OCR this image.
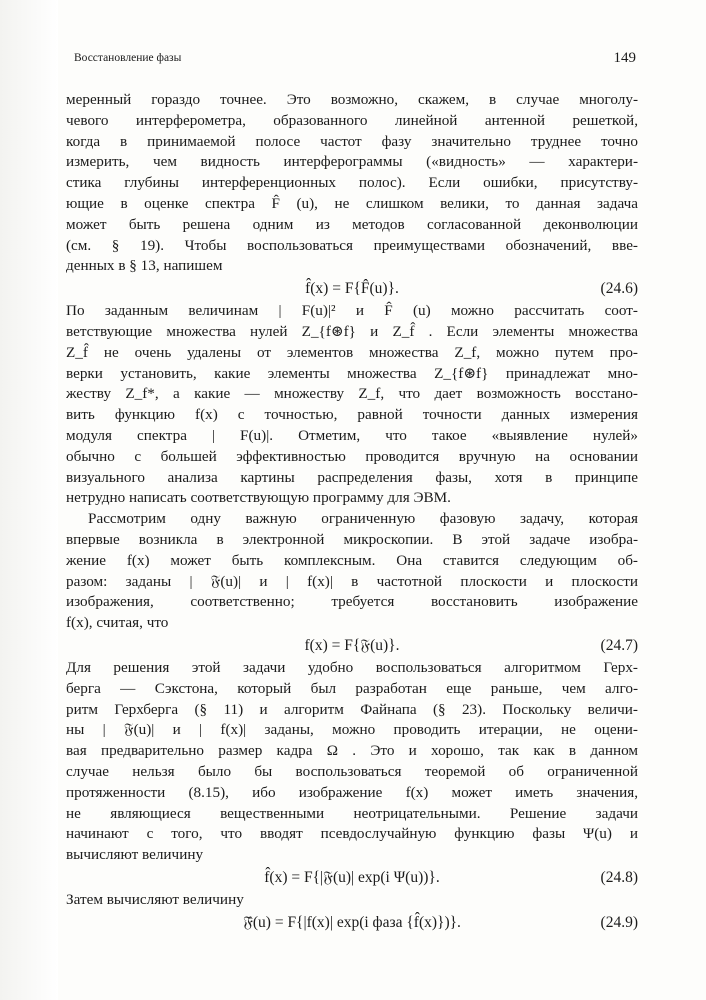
Восстановление фазы	149
меренный гораздо точнее. Это возможно, скажем, в случае многолу-
чевого интерферометра, образованного линейной антенной решеткой,
когда в принимаемой полосе частот фазу значительно труднее точно
измерить, чем видность интерферограммы («видность» — характери-
стика глубины интерференционных полос). Если ошибки, присутству-
ющие в оценке спектра F̂ (u), не слишком велики, то данная задача
может быть решена одним из методов согласованной деконволюции
(см. § 19). Чтобы воспользоваться преимуществами обозначений, вве-
денных в § 13, напишем
f̂(x) = F{F̂(u)}.	(24.6)
По заданным величинам | F(u)|² и F̂ (u) можно рассчитать соот-
ветствующие множества нулей Z_{f⊛f} и Z_f̂ . Если элементы множества
Z_f̂ не очень удалены от элементов множества Z_f, можно путем про-
верки установить, какие элементы множества Z_{f⊛f} принадлежат мно-
жеству Z_f*, а какие — множеству Z_f, что дает возможность восстано-
вить функцию f(x) с точностью, равной точности данных измерения
модуля спектра | F(u)|. Отметим, что такое «выявление нулей»
обычно с большей эффективностью проводится вручную на основании
визуального анализа картины распределения фазы, хотя в принципе
нетрудно написать соответствующую программу для ЭВМ.
Рассмотрим одну важную ограниченную фазовую задачу, которая
впервые возникла в электронной микроскопии. В этой задаче изобра-
жение f(x) может быть комплексным. Она ставится следующим об-
разом: заданы | 𝔉(u)| и | f(x)| в частотной плоскости и плоскости
изображения, соответственно; требуется восстановить изображение
f(x), считая, что
f(x) = F{𝔉(u)}.	(24.7)
Для решения этой задачи удобно воспользоваться алгоритмом Герх-
берга — Сэкстона, который был разработан еще раньше, чем алго-
ритм Герхберга (§ 11) и алгоритм Файнапа (§ 23). Поскольку величи-
ны | 𝔉(u)| и | f(x)| заданы, можно проводить итерации, не оцени-
вая предварительно размер кадра Ω . Это и хорошо, так как в данном
случае нельзя было бы воспользоваться теоремой об ограниченной
протяженности (8.15), ибо изображение f(x) может иметь значения,
не являющиеся вещественными неотрицательными. Решение задачи
начинают с того, что вводят псевдослучайную функцию фазы Ψ(u) и
вычисляют величину
f̂(x) = F{|𝔉(u)| exp(i Ψ(u))}.	(24.8)
Затем вычисляют величину
𝔉̂(u) = F{|f(x)| exp(i фаза {f̂(x)})}.	(24.9)
